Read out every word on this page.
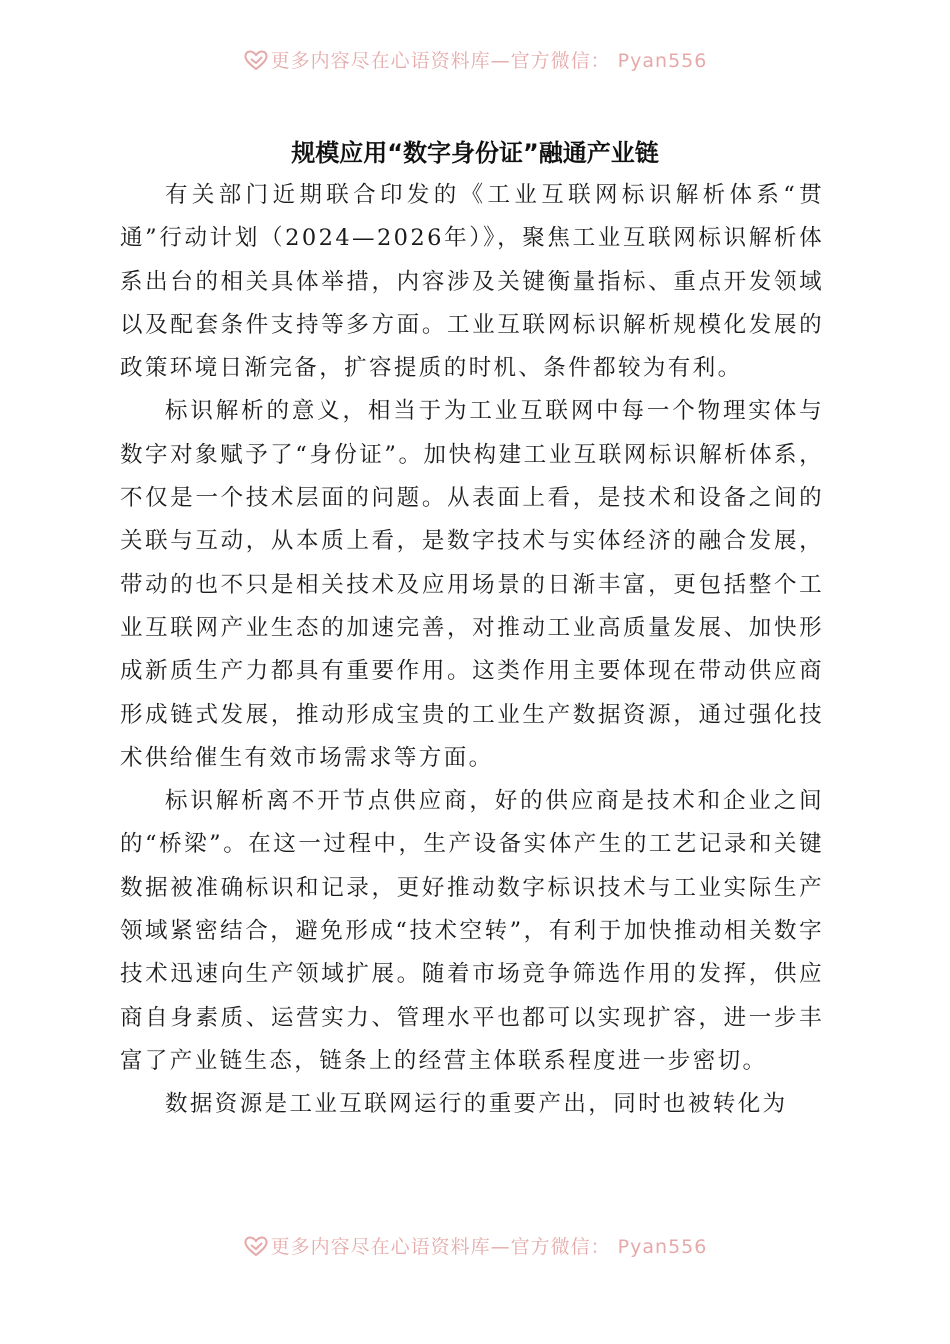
更多内容尽在心语资料库—官方微信： Pyan556
规模应用“数字身份证”融通产业链

有关部门近期联合印发的《工业互联网标识解析体系“贯通”行动计划（2024—2026年）》，聚焦工业互联网标识解析体系出台的相关具体举措，内容涉及关键衡量指标、重点开发领域以及配套条件支持等多方面。工业互联网标识解析规模化发展的政策环境日渐完备，扩容提质的时机、条件都较为有利。

标识解析的意义，相当于为工业互联网中每一个物理实体与数字对象赋予了“身份证”。加快构建工业互联网标识解析体系，不仅是一个技术层面的问题。从表面上看，是技术和设备之间的关联与互动，从本质上看，是数字技术与实体经济的融合发展，带动的也不只是相关技术及应用场景的日渐丰富，更包括整个工业互联网产业生态的加速完善，对推动工业高质量发展、加快形成新质生产力都具有重要作用。这类作用主要体现在带动供应商形成链式发展，推动形成宝贵的工业生产数据资源，通过强化技术供给催生有效市场需求等方面。

标识解析离不开节点供应商，好的供应商是技术和企业之间的“桥梁”。在这一过程中，生产设备实体产生的工艺记录和关键数据被准确标识和记录，更好推动数字标识技术与工业实际生产领域紧密结合，避免形成“技术空转”，有利于加快推动相关数字技术迅速向生产领域扩展。随着市场竞争筛选作用的发挥，供应商自身素质、运营实力、管理水平也都可以实现扩容，进一步丰富了产业链生态，链条上的经营主体联系程度进一步密切。

数据资源是工业互联网运行的重要产出，同时也被转化为

更多内容尽在心语资料库—官方微信： Pyan556
